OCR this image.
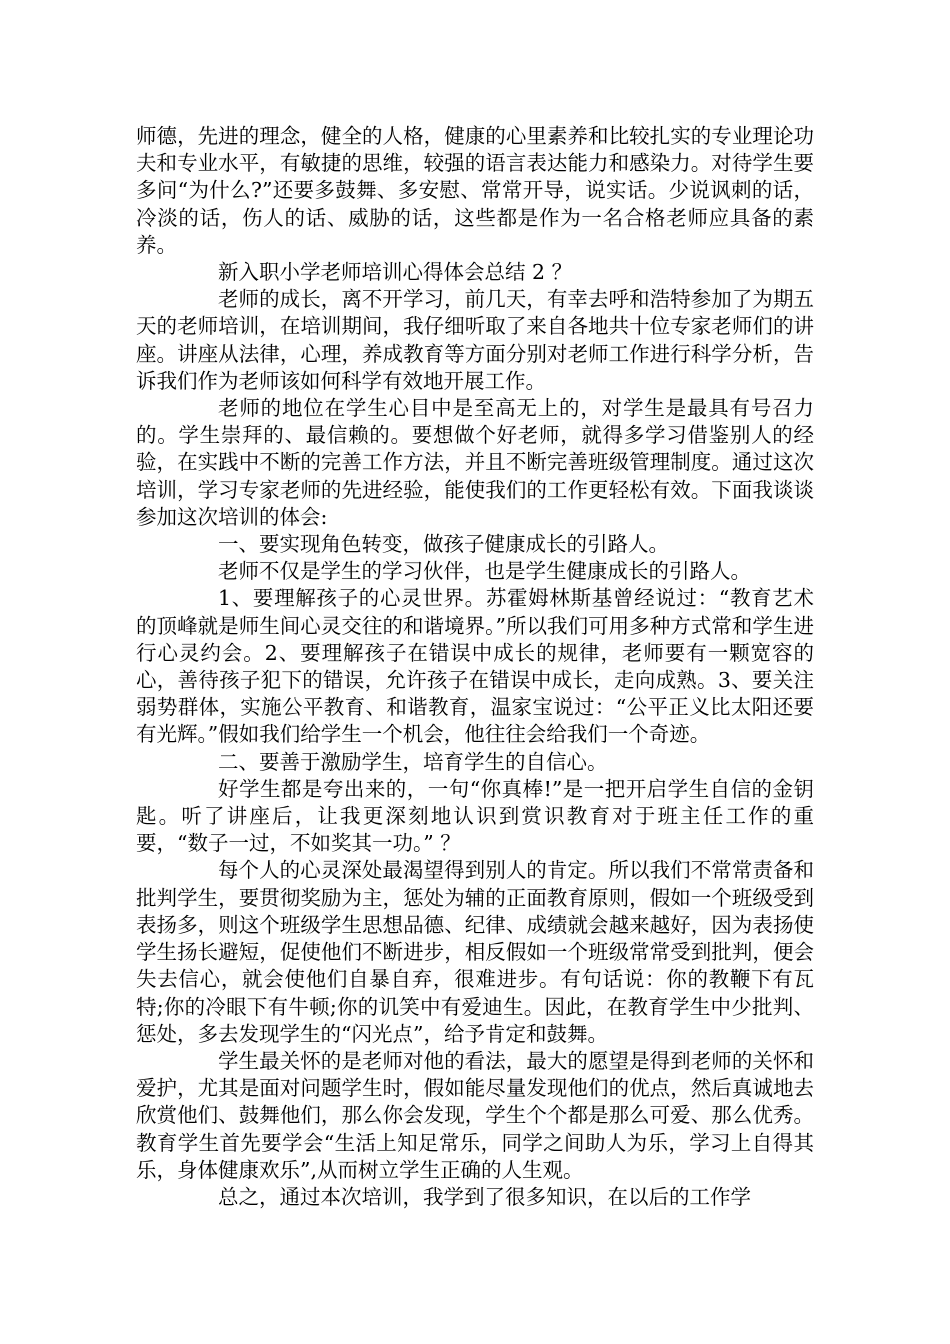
师德，先进的理念，健全的人格，健康的心里素养和比较扎实的专业理论功夫和专业水平，有敏捷的思维，较强的语言表达能力和感染力。对待学生要多问“为什么?”还要多鼓舞、多安慰、常常开导，说实话。少说讽刺的话，冷淡的话，伤人的话、威胁的话，这些都是作为一名合格老师应具备的素养。

新入职小学老师培训心得体会总结 2 ？

老师的成长，离不开学习，前几天，有幸去呼和浩特参加了为期五天的老师培训，在培训期间，我仔细听取了来自各地共十位专家老师们的讲座。讲座从法律，心理，养成教育等方面分别对老师工作进行科学分析，告诉我们作为老师该如何科学有效地开展工作。

老师的地位在学生心目中是至高无上的，对学生是最具有号召力的。学生崇拜的、最信赖的。要想做个好老师，就得多学习借鉴别人的经验，在实践中不断的完善工作方法，并且不断完善班级管理制度。通过这次培训，学习专家老师的先进经验，能使我们的工作更轻松有效。下面我谈谈参加这次培训的体会:

一、要实现角色转变，做孩子健康成长的引路人。

老师不仅是学生的学习伙伴，也是学生健康成长的引路人。

1、要理解孩子的心灵世界。苏霍姆林斯基曾经说过：“教育艺术的顶峰就是师生间心灵交往的和谐境界。”所以我们可用多种方式常和学生进行心灵约会。2、要理解孩子在错误中成长的规律，老师要有一颗宽容的心，善待孩子犯下的错误，允许孩子在错误中成长，走向成熟。3、要关注弱势群体，实施公平教育、和谐教育，温家宝说过：“公平正义比太阳还要有光辉。”假如我们给学生一个机会，他往往会给我们一个奇迹。

二、要善于激励学生，培育学生的自信心。

好学生都是夸出来的，一句“你真棒!”是一把开启学生自信的金钥匙。听了讲座后，让我更深刻地认识到赏识教育对于班主任工作的重要，“数子一过，不如奖其一功。” ？

每个人的心灵深处最渴望得到别人的肯定。所以我们不常常责备和批判学生，要贯彻奖励为主，惩处为辅的正面教育原则，假如一个班级受到表扬多，则这个班级学生思想品德、纪律、成绩就会越来越好，因为表扬使学生扬长避短，促使他们不断进步，相反假如一个班级常常受到批判，便会失去信心，就会使他们自暴自弃，很难进步。有句话说：你的教鞭下有瓦特;你的冷眼下有牛顿;你的讥笑中有爱迪生。因此，在教育学生中少批判、惩处，多去发现学生的“闪光点”，给予肯定和鼓舞。

学生最关怀的是老师对他的看法，最大的愿望是得到老师的关怀和爱护，尤其是面对问题学生时，假如能尽量发现他们的优点，然后真诚地去欣赏他们、鼓舞他们，那么你会发现，学生个个都是那么可爱、那么优秀。教育学生首先要学会“生活上知足常乐，同学之间助人为乐，学习上自得其乐，身体健康欢乐”,从而树立学生正确的人生观。

总之，通过本次培训，我学到了很多知识，在以后的工作学
